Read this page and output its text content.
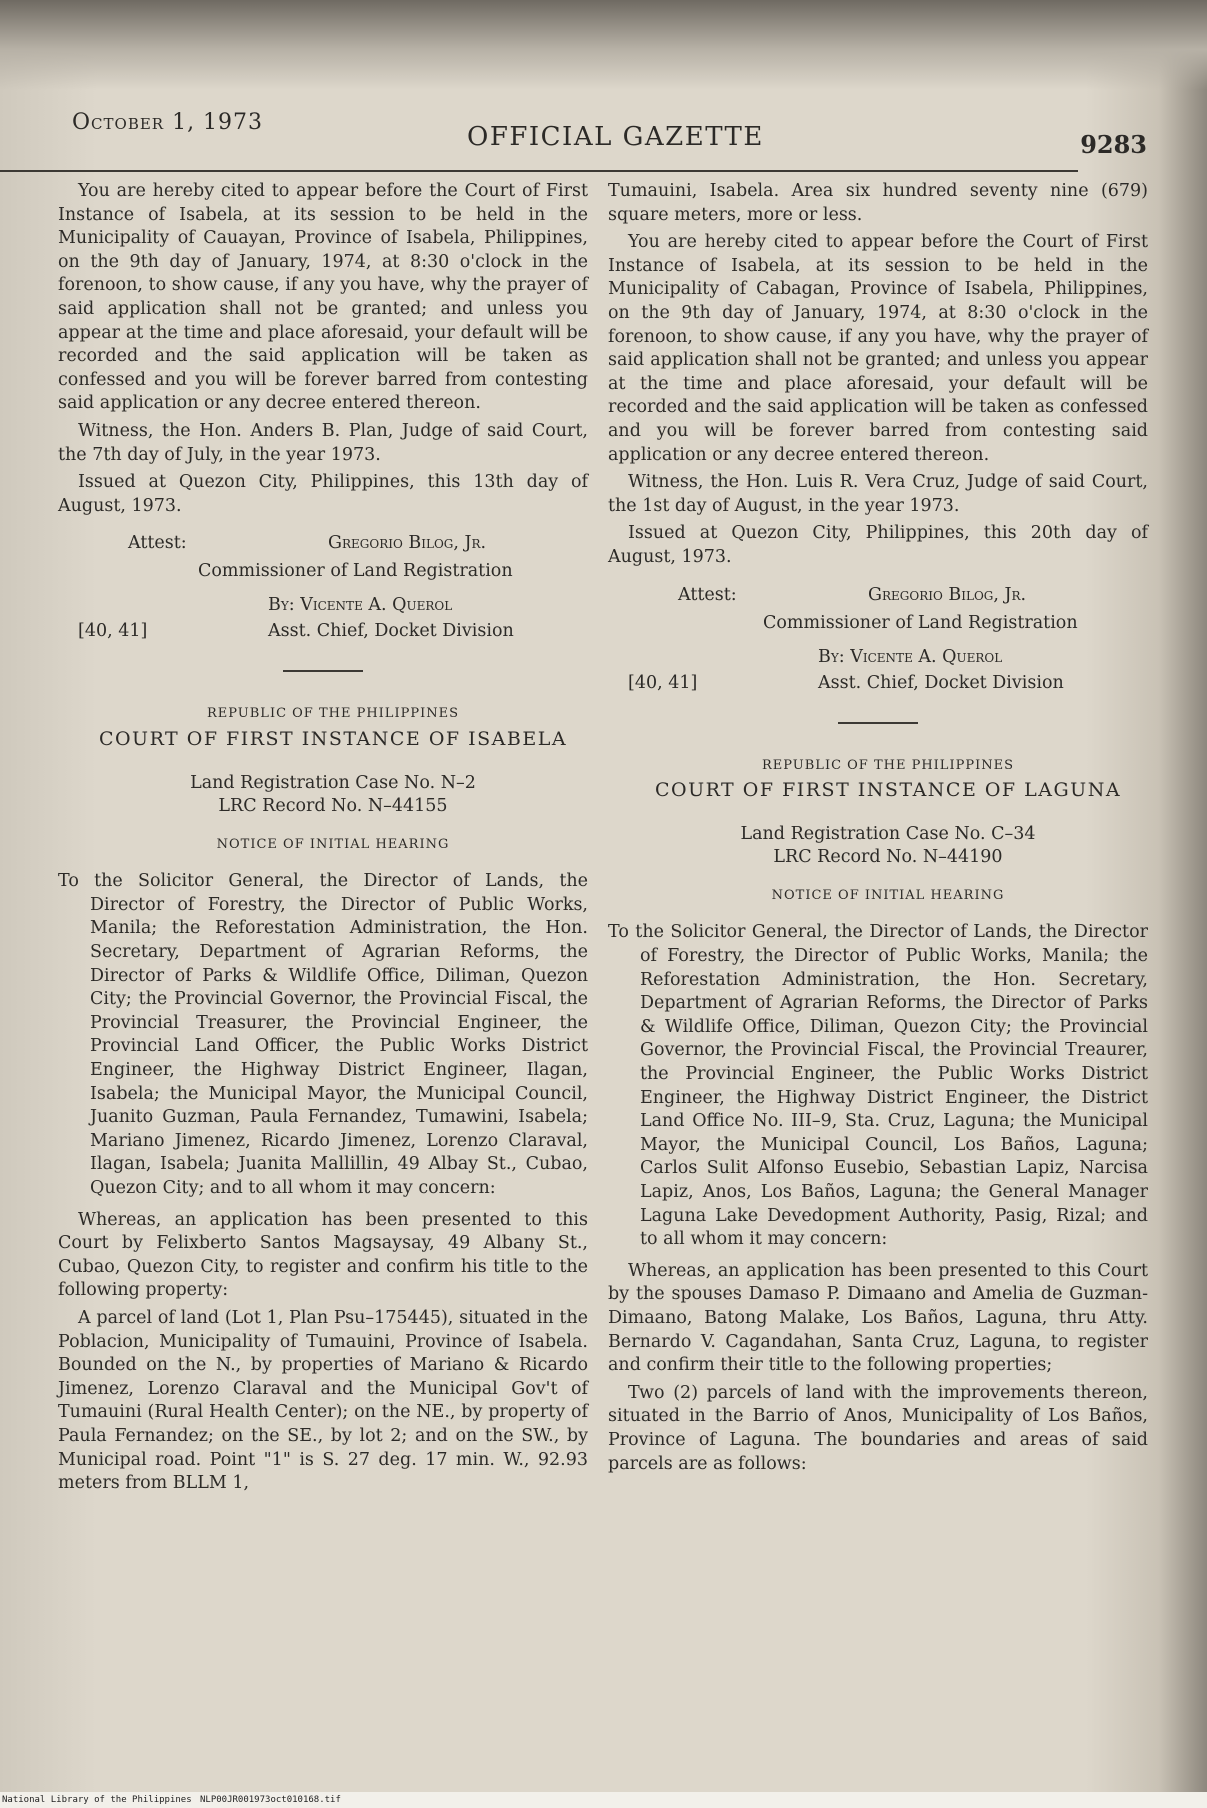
October 1, 1973	OFFICIAL GAZETTE	9283

You are hereby cited to appear before the Court of First Instance of Isabela, at its session to be held in the Municipality of Cauayan, Province of Isabela, Philippines, on the 9th day of January, 1974, at 8:30 o'clock in the forenoon, to show cause, if any you have, why the prayer of said application shall not be granted; and unless you appear at the time and place aforesaid, your default will be recorded and the said application will be taken as confessed and you will be forever barred from contesting said application or any decree entered thereon.

Witness, the Hon. Anders B. Plan, Judge of said Court, the 7th day of July, in the year 1973.

Issued at Quezon City, Philippines, this 13th day of August, 1973.

Attest:	Gregorio Bilog, Jr.
Commissioner of Land Registration
By: Vicente A. Querol
[40, 41]	Asst. Chief, Docket Division

REPUBLIC OF THE PHILIPPINES

COURT OF FIRST INSTANCE OF ISABELA

Land Registration Case No. N–2

LRC Record No. N–44155

NOTICE OF INITIAL HEARING

To the Solicitor General, the Director of Lands, the Director of Forestry, the Director of Public Works, Manila; the Reforestation Administration, the Hon. Secretary, Department of Agrarian Reforms, the Director of Parks & Wildlife Office, Diliman, Quezon City; the Provincial Governor, the Provincial Fiscal, the Provincial Treasurer, the Provincial Engineer, the Provincial Land Officer, the Public Works District Engineer, the Highway District Engineer, Ilagan, Isabela; the Municipal Mayor, the Municipal Council, Juanito Guzman, Paula Fernandez, Tumawini, Isabela; Mariano Jimenez, Ricardo Jimenez, Lorenzo Claraval, Ilagan, Isabela; Juanita Mallillin, 49 Albay St., Cubao, Quezon City; and to all whom it may concern:

Whereas, an application has been presented to this Court by Felixberto Santos Magsaysay, 49 Albany St., Cubao, Quezon City, to register and confirm his title to the following property:

A parcel of land (Lot 1, Plan Psu–175445), situated in the Poblacion, Municipality of Tumauini, Province of Isabela. Bounded on the N., by properties of Mariano & Ricardo Jimenez, Lorenzo Claraval and the Municipal Gov't of Tumauini (Rural Health Center); on the NE., by property of Paula Fernandez; on the SE., by lot 2; and on the SW., by Municipal road. Point "1" is S. 27 deg. 17 min. W., 92.93 meters from BLLM 1,

Tumauini, Isabela. Area six hundred seventy nine (679) square meters, more or less.

You are hereby cited to appear before the Court of First Instance of Isabela, at its session to be held in the Municipality of Cabagan, Province of Isabela, Philippines, on the 9th day of January, 1974, at 8:30 o'clock in the forenoon, to show cause, if any you have, why the prayer of said application shall not be granted; and unless you appear at the time and place aforesaid, your default will be recorded and the said application will be taken as confessed and you will be forever barred from contesting said application or any decree entered thereon.

Witness, the Hon. Luis R. Vera Cruz, Judge of said Court, the 1st day of August, in the year 1973.

Issued at Quezon City, Philippines, this 20th day of August, 1973.

Attest:	Gregorio Bilog, Jr.
Commissioner of Land Registration
By: Vicente A. Querol
[40, 41]	Asst. Chief, Docket Division

REPUBLIC OF THE PHILIPPINES

COURT OF FIRST INSTANCE OF LAGUNA

Land Registration Case No. C–34

LRC Record No. N–44190

NOTICE OF INITIAL HEARING

To the Solicitor General, the Director of Lands, the Director of Forestry, the Director of Public Works, Manila; the Reforestation Administration, the Hon. Secretary, Department of Agrarian Reforms, the Director of Parks & Wildlife Office, Diliman, Quezon City; the Provincial Governor, the Provincial Fiscal, the Provincial Treaurer, the Provincial Engineer, the Public Works District Engineer, the Highway District Engineer, the District Land Office No. III–9, Sta. Cruz, Laguna; the Municipal Mayor, the Municipal Council, Los Baños, Laguna; Carlos Sulit Alfonso Eusebio, Sebastian Lapiz, Narcisa Lapiz, Anos, Los Baños, Laguna; the General Manager Laguna Lake Devedopment Authority, Pasig, Rizal; and to all whom it may concern:

Whereas, an application has been presented to this Court by the spouses Damaso P. Dimaano and Amelia de Guzman-Dimaano, Batong Malake, Los Baños, Laguna, thru Atty. Bernardo V. Cagandahan, Santa Cruz, Laguna, to register and confirm their title to the following properties;

Two (2) parcels of land with the improvements thereon, situated in the Barrio of Anos, Municipality of Los Baños, Province of Laguna. The boundaries and areas of said parcels are as follows:

National Library of the Philippines NLP00JR001973oct010168.tif
